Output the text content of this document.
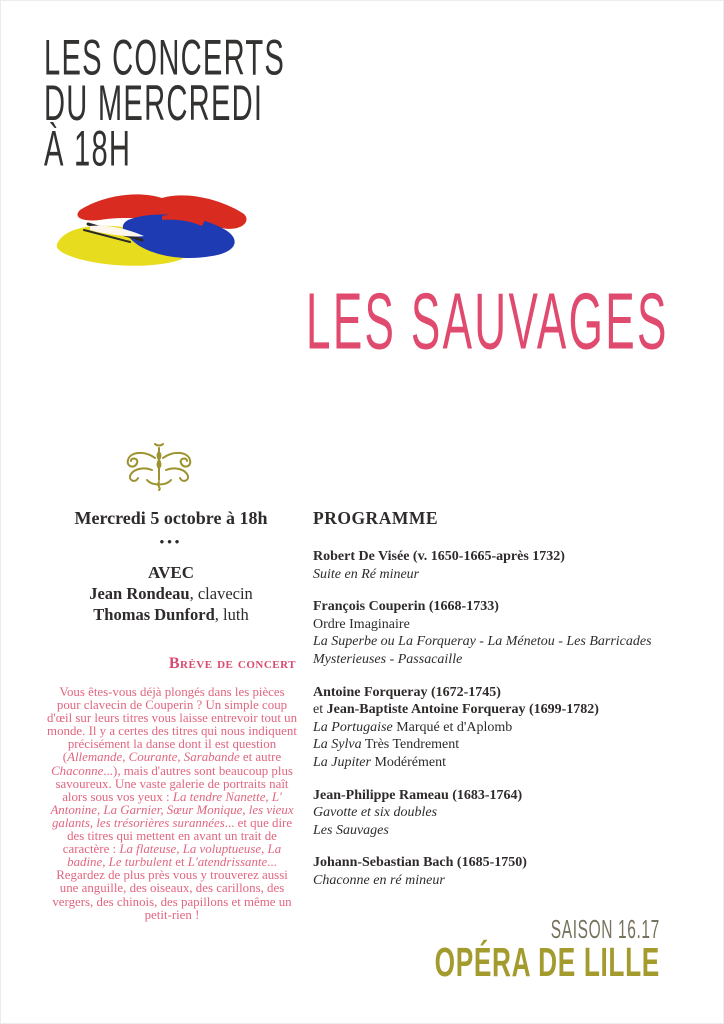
LES CONCERTS
DU MERCREDI
À 18H
LES SAUVAGES
Mercredi 5 octobre à 18h
•••
AVEC
Jean Rondeau, clavecin
Thomas Dunford, luth
Brève de concert
Vous êtes-vous déjà plongés dans les pièces pour clavecin de Couperin ? Un simple coup d'œil sur leurs titres vous laisse entrevoir tout un monde. Il y a certes des titres qui nous indiquent précisément la danse dont il est question (Allemande, Courante, Sarabande et autre Chaconne...), mais d'autres sont beaucoup plus savoureux. Une vaste galerie de portraits naît alors sous vos yeux : La tendre Nanette, L' Antonine, La Garnier, Sœur Monique, les vieux galants, les trésorières surannées... et que dire des titres qui mettent en avant un trait de caractère : La flateuse, La voluptueuse, La badine, Le turbulent et L'atendrissante... Regardez de plus près vous y trouverez aussi une anguille, des oiseaux, des carillons, des vergers, des chinois, des papillons et même un petit-rien !
PROGRAMME
Robert De Visée (v. 1650-1665-après 1732)
Suite en Ré mineur
François Couperin (1668-1733)
Ordre Imaginaire
La Superbe ou La Forqueray - La Ménetou - Les Barricades Mysterieuses - Passacaille
Antoine Forqueray (1672-1745)
et Jean-Baptiste Antoine Forqueray (1699-1782)
La Portugaise Marqué et d'Aplomb
La Sylva Très Tendrement
La Jupiter Modérément
Jean-Philippe Rameau (1683-1764)
Gavotte et six doubles
Les Sauvages
Johann-Sebastian Bach (1685-1750)
Chaconne en ré mineur
SAISON 16.17
OPÉRA DE LILLE
